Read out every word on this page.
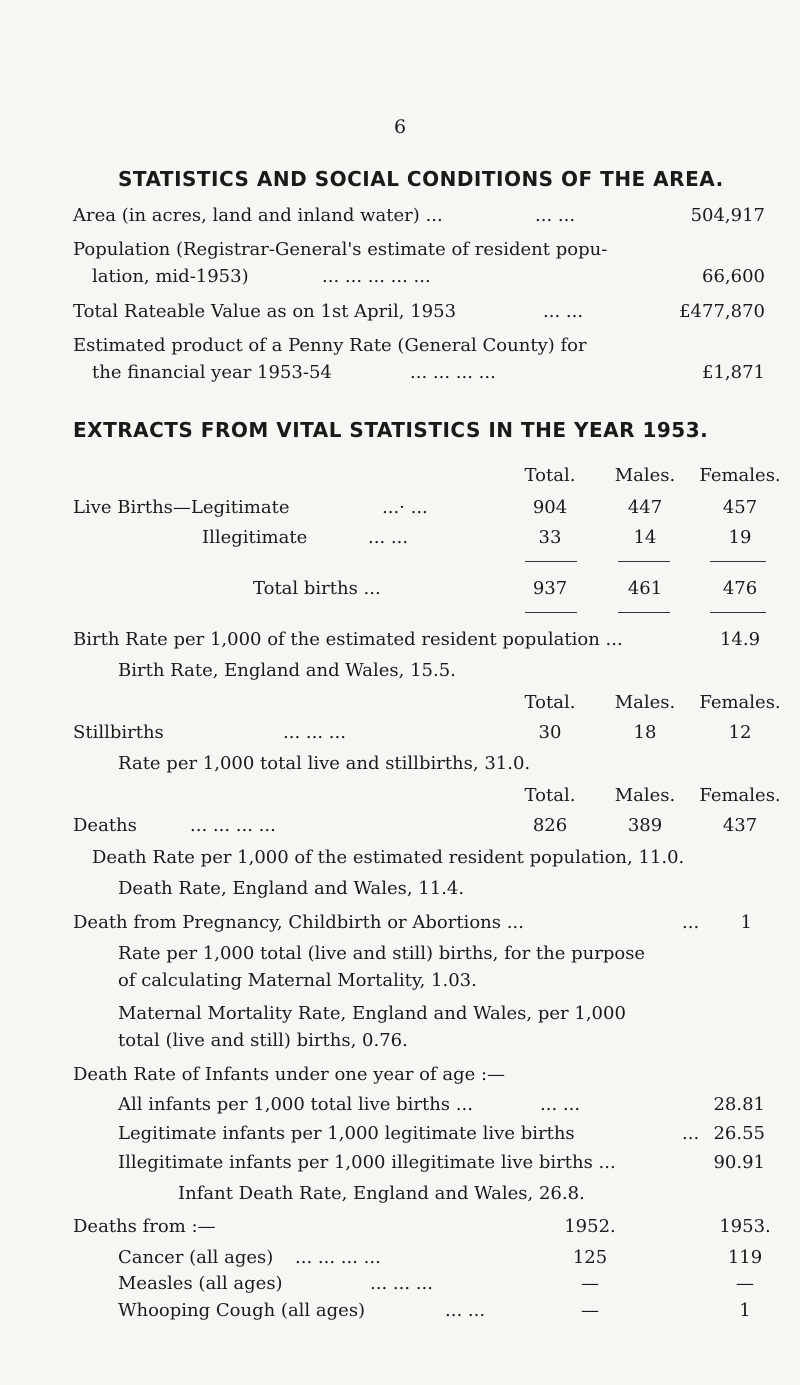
6
STATISTICS AND SOCIAL CONDITIONS OF THE AREA.
Area (in acres, land and inland water) ...	... ...	504,917
Population (Registrar-General's estimate of resident popu-
lation, mid-1953)	... ... ... ... ...	66,600
Total Rateable Value as on 1st April, 1953	... ...	£477,870
Estimated product of a Penny Rate (General County) for
the financial year 1953-54	... ... ... ...	£1,871
EXTRACTS FROM VITAL STATISTICS IN THE YEAR 1953.
Total.	Males.	Females.
Live Births—Legitimate	...· ...	904	447	457
Illegitimate	... ...	33	14	19
Total births ...	937	461	476
Birth Rate per 1,000 of the estimated resident population ...	14.9
Birth Rate, England and Wales, 15.5.
Total.	Males.	Females.
Stillbirths	... ... ...	30	18	12
Rate per 1,000 total live and stillbirths, 31.0.
Total.	Males.	Females.
Deaths	... ... ... ...	826	389	437
Death Rate per 1,000 of the estimated resident population, 11.0.
Death Rate, England and Wales, 11.4.
Death from Pregnancy, Childbirth or Abortions ...	... 1
Rate per 1,000 total (live and still) births, for the purpose
of calculating Maternal Mortality, 1.03.
Maternal Mortality Rate, England and Wales, per 1,000
total (live and still) births, 0.76.
Death Rate of Infants under one year of age :—
All infants per 1,000 total live births ...	... ...	28.81
Legitimate infants per 1,000 legitimate live births	... 26.55
Illegitimate infants per 1,000 illegitimate live births ...	90.91
Infant Death Rate, England and Wales, 26.8.
Deaths from :—	1952.	1953.
Cancer (all ages) ... ... ... ...	125	119
Measles (all ages)	... ... ...	—	—
Whooping Cough (all ages)	... ...	—	1
